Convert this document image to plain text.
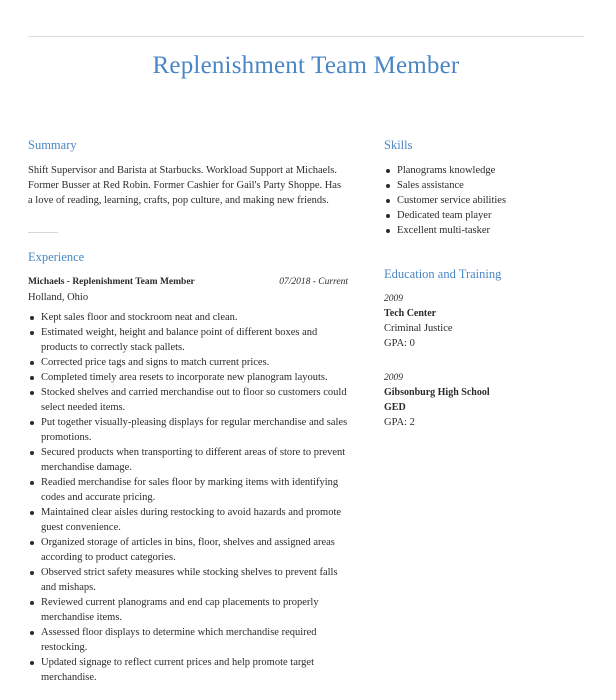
Replenishment Team Member
Summary

Shift Supervisor and Barista at Starbucks. Workload Support at Michaels. Former Busser at Red Robin. Former Cashier for Gail's Party Shoppe. Has a love of reading, learning, crafts, pop culture, and making new friends.

Experience
Michaels - Replenishment Team Member	07/2018 - Current
Holland, Ohio
Kept sales floor and stockroom neat and clean.
Estimated weight, height and balance point of different boxes and products to correctly stack pallets.
Corrected price tags and signs to match current prices.
Completed timely area resets to incorporate new planogram layouts.
Stocked shelves and carried merchandise out to floor so customers could select needed items.
Put together visually-pleasing displays for regular merchandise and sales promotions.
Secured products when transporting to different areas of store to prevent merchandise damage.
Readied merchandise for sales floor by marking items with identifying codes and accurate pricing.
Maintained clear aisles during restocking to avoid hazards and promote guest convenience.
Organized storage of articles in bins, floor, shelves and assigned areas according to product categories.
Observed strict safety measures while stocking shelves to prevent falls and mishaps.
Reviewed current planograms and end cap placements to properly merchandise items.
Assessed floor displays to determine which merchandise required restocking.
Updated signage to reflect current prices and help promote target merchandise.
Skills
Planograms knowledge
Sales assistance
Customer service abilities
Dedicated team player
Excellent multi-tasker
Education and Training
2009
Tech Center
Criminal Justice
GPA: 0
2009
Gibsonburg High School
GED
GPA: 2
